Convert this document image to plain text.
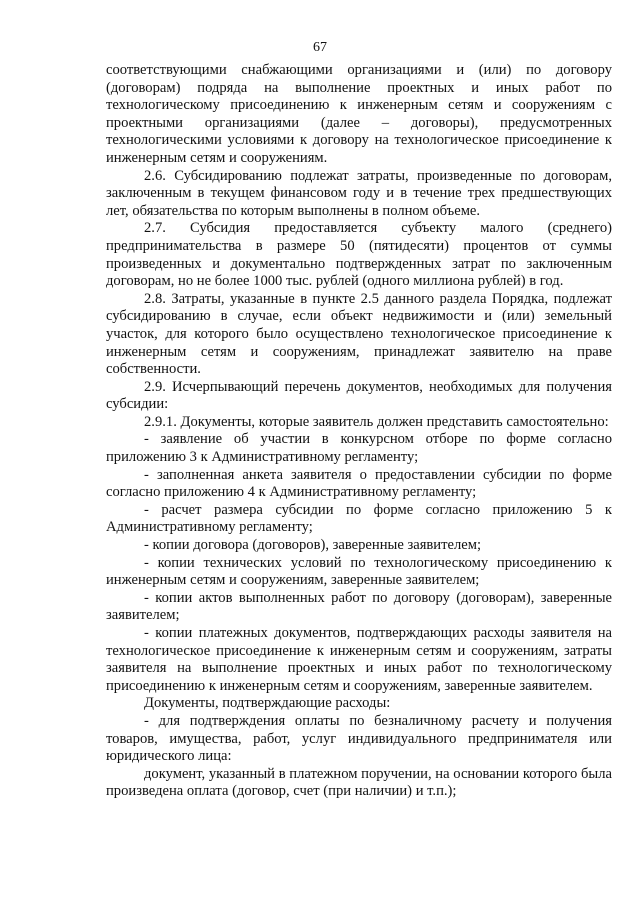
67

соответствующими снабжающими организациями и (или) по договору (договорам) подряда на выполнение проектных и иных работ по технологическому присоединению к инженерным сетям и сооружениям с проектными организациями (далее – договоры), предусмотренных технологическими условиями к договору на технологическое присоединение к инженерным сетям и сооружениям.

2.6. Субсидированию подлежат затраты, произведенные по договорам, заключенным в текущем финансовом году и в течение трех предшествующих лет, обязательства по которым выполнены в полном объеме.

2.7. Субсидия предоставляется субъекту малого (среднего) предпринимательства в размере 50 (пятидесяти) процентов от суммы произведенных и документально подтвержденных затрат по заключенным договорам, но не более 1000 тыс. рублей (одного миллиона рублей) в год.

2.8. Затраты, указанные в пункте 2.5 данного раздела Порядка, подлежат субсидированию в случае, если объект недвижимости и (или) земельный участок, для которого было осуществлено технологическое присоединение к инженерным сетям и сооружениям, принадлежат заявителю на праве собственности.

2.9. Исчерпывающий перечень документов, необходимых для получения субсидии:

2.9.1. Документы, которые заявитель должен представить самостоятельно:

- заявление об участии в конкурсном отборе по форме согласно приложению 3 к Административному регламенту;

- заполненная анкета заявителя о предоставлении субсидии по форме согласно приложению 4 к Административному регламенту;

- расчет размера субсидии по форме согласно приложению 5 к Административному регламенту;

- копии договора (договоров), заверенные заявителем;

- копии технических условий по технологическому присоединению к инженерным сетям и сооружениям, заверенные заявителем;

- копии актов выполненных работ по договору (договорам), заверенные заявителем;

- копии платежных документов, подтверждающих расходы заявителя на технологическое присоединение к инженерным сетям и сооружениям, затраты заявителя на выполнение проектных и иных работ по технологическому присоединению к инженерным сетям и сооружениям, заверенные заявителем.

Документы, подтверждающие расходы:

- для подтверждения оплаты по безналичному расчету и получения товаров, имущества, работ, услуг индивидуального предпринимателя или юридического лица:

документ, указанный в платежном поручении, на основании которого была произведена оплата (договор, счет (при наличии) и т.п.);
